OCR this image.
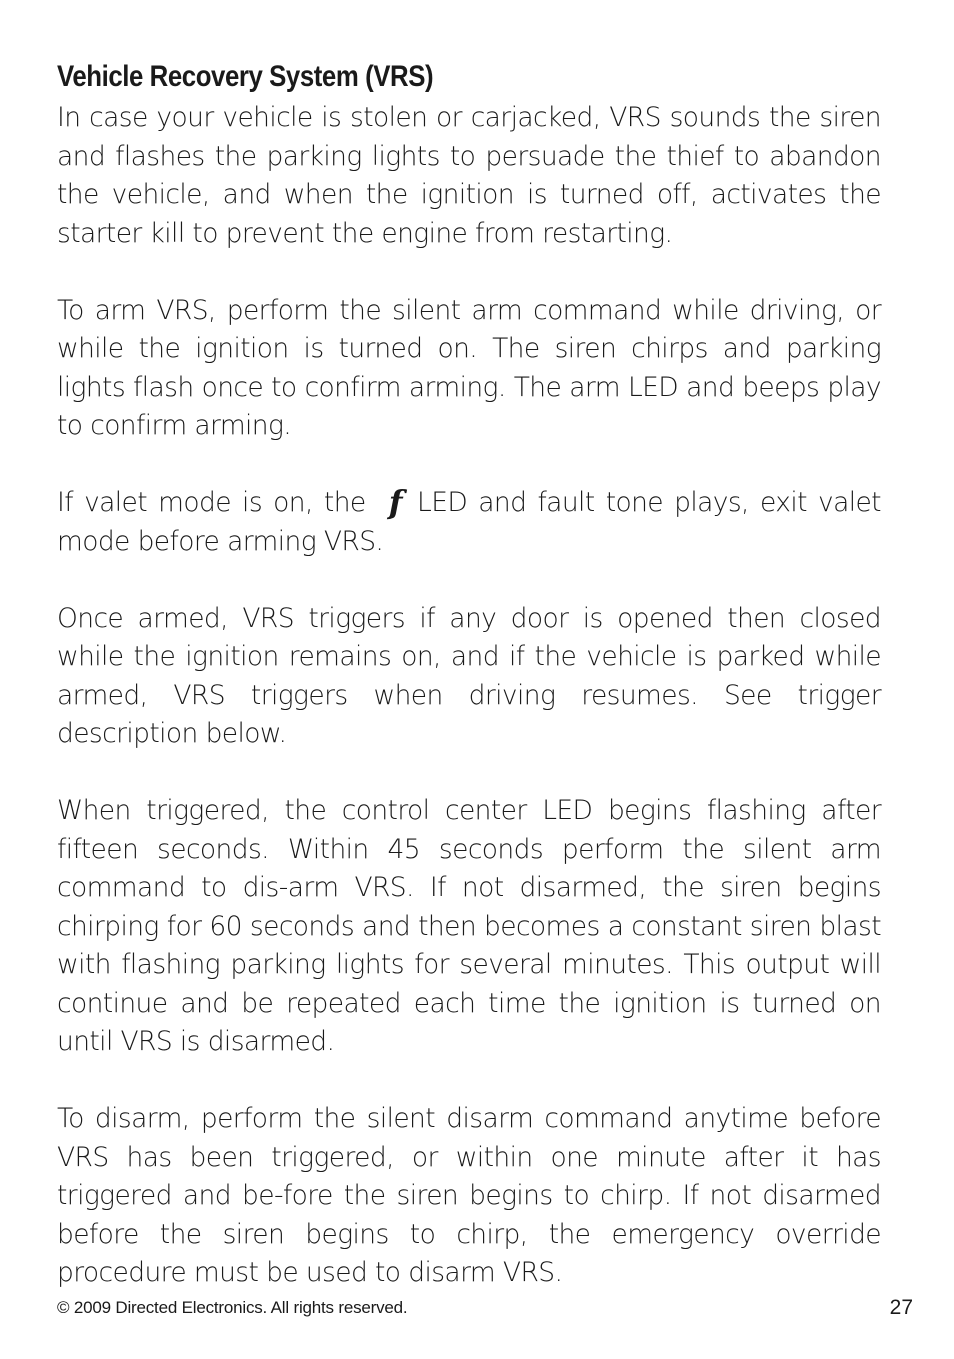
Vehicle Recovery System (VRS)

In case your vehicle is stolen or carjacked, VRS sounds the siren and flashes the parking lights to persuade the thief to abandon the vehicle, and when the ignition is turned off, activates the starter kill to prevent the engine from restarting.

To arm VRS, perform the silent arm command while driving, or while the ignition is turned on. The siren chirps and parking lights flash once to confirm arming. The arm LED and beeps play to confirm arming.

If valet mode is on, the f LED and fault tone plays, exit valet mode before arming VRS.

Once armed, VRS triggers if any door is opened then closed while the ignition remains on, and if the vehicle is parked while armed, VRS triggers when driving resumes. See trigger description below.

When triggered, the control center LED begins flashing after fifteen seconds. Within 45 seconds perform the silent arm command to dis-arm VRS. If not disarmed, the siren begins chirping for 60 seconds and then becomes a constant siren blast with flashing parking lights for several minutes. This output will continue and be repeated each time the ignition is turned on until VRS is disarmed.

To disarm, perform the silent disarm command anytime before VRS has been triggered, or within one minute after it has triggered and be-fore the siren begins to chirp. If not disarmed before the siren begins to chirp, the emergency override procedure must be used to disarm VRS.

© 2009 Directed Electronics. All rights reserved.	27
